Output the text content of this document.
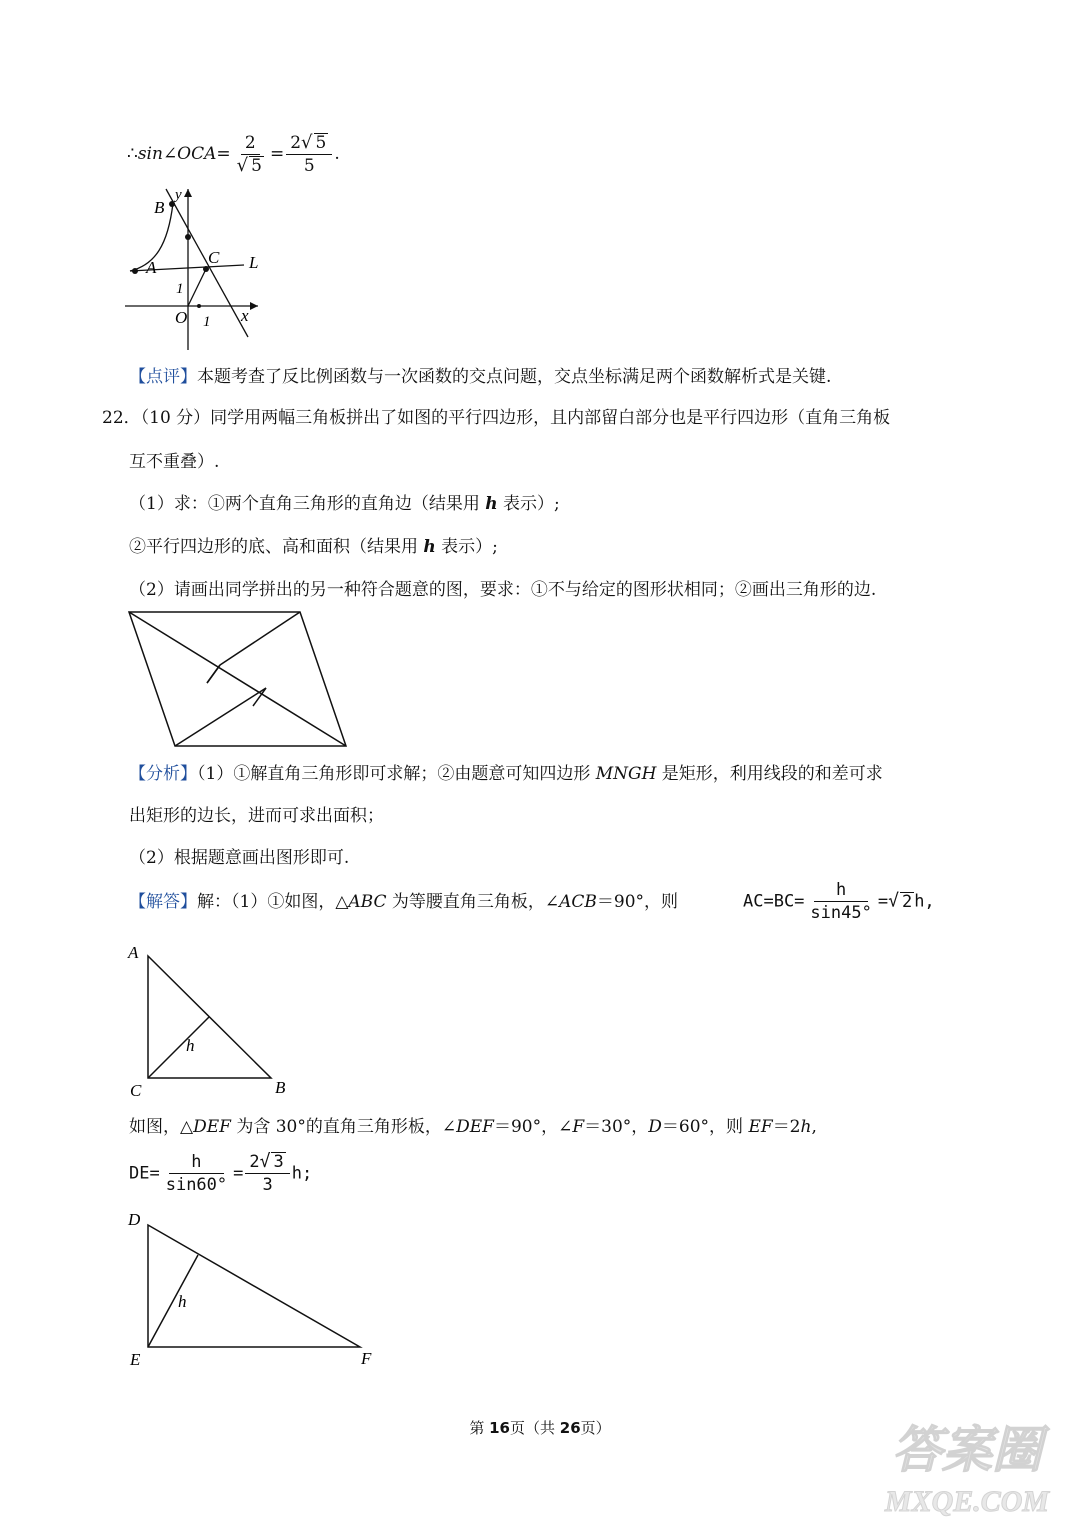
∴sin∠OCA= $\frac{2}{√ 5} = \frac{2√ 5}{5}$ .
B
A
C L
O	x
y
1
1
【点评】本题考查了反比例函数与一次函数的交点问题，交点坐标满足两个函数解析式是关键.
22．（10 分）同学用两幅三角板拼出了如图的平行四边形，且内部留白部分也是平行四边形（直角三角板
互不重叠）.
（1）求：①两个直角三角形的直角边（结果用 h 表示）;
②平行四边形的底、高和面积（结果用 h 表示）;
（2）请画出同学拼出的另一种符合题意的图，要求：①不与给定的图形状相同；②画出三角形的边.
【分析】（1）①解直角三角形即可求解；②由题意可知四边形 MNGH 是矩形，利用线段的和差可求
出矩形的边长，进而可求出面积；
（2）根据题意画出图形即可.
【解答】解：（1）①如图，△ABC 为等腰直角三角板，∠ACB＝90°，则	$AC=BC= \frac{h}{\sin 45^\circ}$ =√ 2 h,
A
C	B
h
如图，△DEF 为含 30°的直角三角形板，∠DEF＝90°，∠F＝30°，D＝60°，则 EF＝2h,
$DE= \frac{h}{\sin 60^\circ} = \frac{2√ 3}{3} h$;
D
E	F
h
第 16页（共 26页）	答案圈
MXQE.COM
